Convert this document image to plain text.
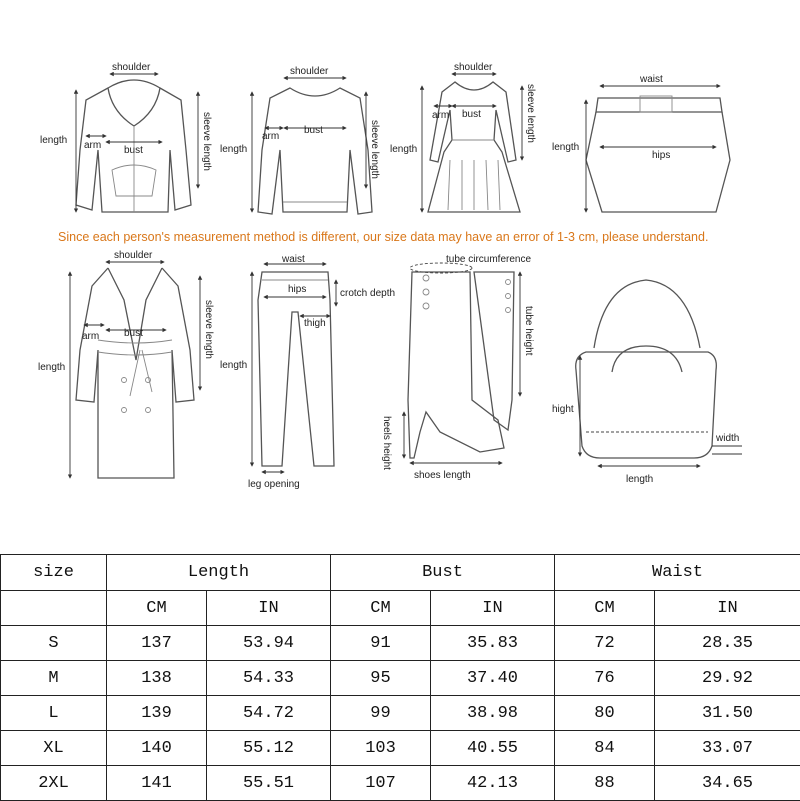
shoulder
length arm bust	sleeve length
shoulder
length
arm
bust	sleeve length
shoulder
length
arm bust	sleeve length
waist
length
hips
Since each person's measurement method is different, our size data may have an error of 1-3 cm, please understand.
shoulder
length
arm bust	sleeve length
waist
hips	crotch depth
thigh
length
leg opening
tube circumference
tube height
heels height
shoes length
hight
width
length
size	Length		Bust		Waist	
	CM	IN	CM	IN	CM	IN
S	137	53.94	91	35.83	72	28.35
M	138	54.33	95	37.40	76	29.92
L	139	54.72	99	38.98	80	31.50
XL	140	55.12	103	40.55	84	33.07
2XL	141	55.51	107	42.13	88	34.65
